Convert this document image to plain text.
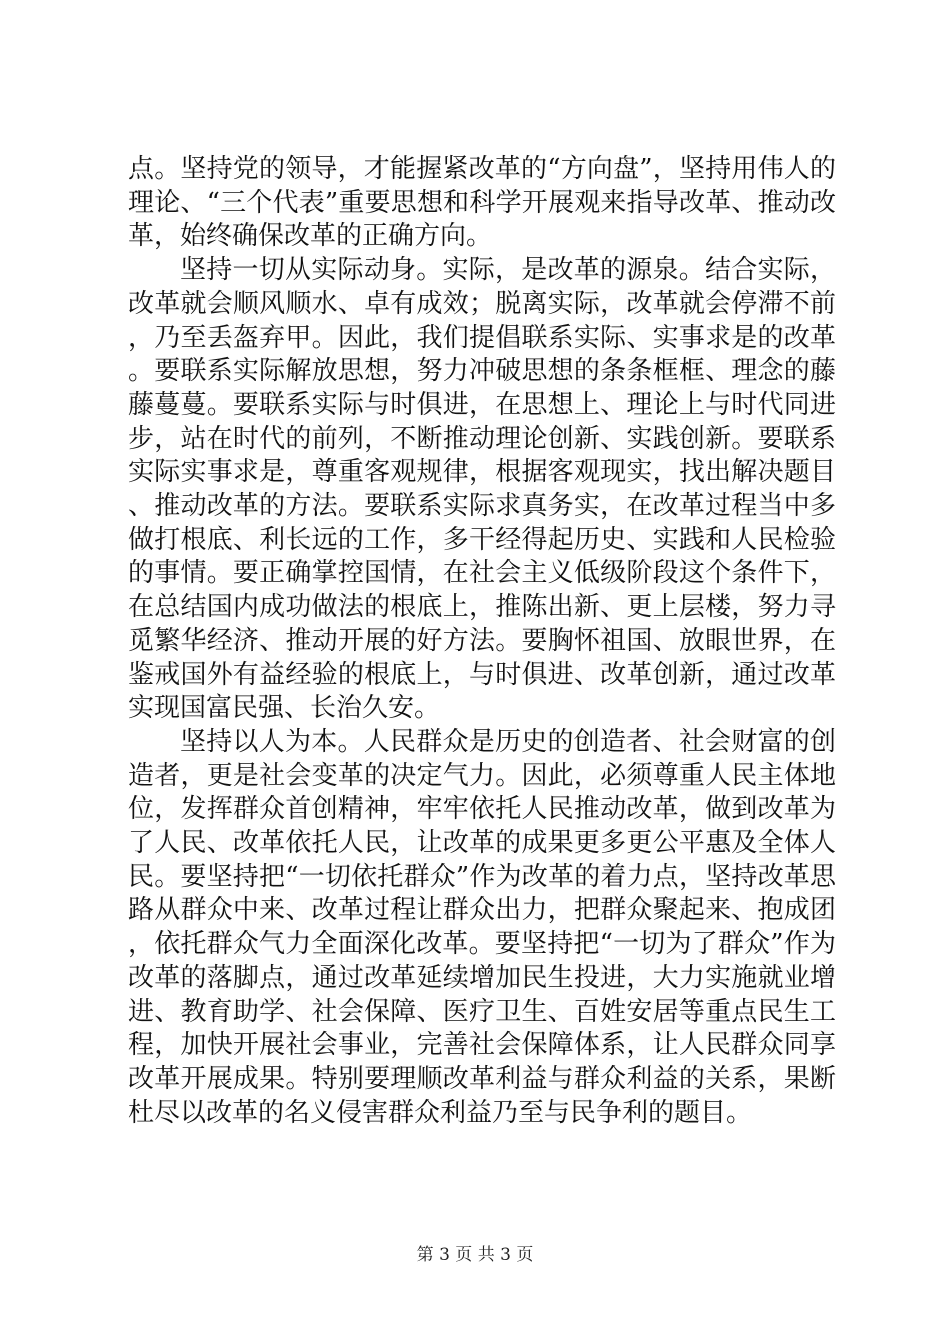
点。坚持党的领导，才能握紧改革的“方向盘”，坚持用伟人的理论、“三个代表”重要思想和科学开展观来指导改革、推动改革，始终确保改革的正确方向。

坚持一切从实际动身。实际，是改革的源泉。结合实际，改革就会顺风顺水、卓有成效；脱离实际，改革就会停滞不前，乃至丢盔弃甲。因此，我们提倡联系实际、实事求是的改革。要联系实际解放思想，努力冲破思想的条条框框、理念的藤藤蔓蔓。要联系实际与时俱进，在思想上、理论上与时代同进步，站在时代的前列，不断推动理论创新、实践创新。要联系实际实事求是，尊重客观规律，根据客观现实，找出解决题目、推动改革的方法。要联系实际求真务实，在改革过程当中多做打根底、利长远的工作，多干经得起历史、实践和人民检验的事情。要正确掌控国情，在社会主义低级阶段这个条件下，在总结国内成功做法的根底上，推陈出新、更上层楼，努力寻觅繁华经济、推动开展的好方法。要胸怀祖国、放眼世界，在鉴戒国外有益经验的根底上，与时俱进、改革创新，通过改革实现国富民强、长治久安。

坚持以人为本。人民群众是历史的创造者、社会财富的创造者，更是社会变革的决定气力。因此，必须尊重人民主体地位，发挥群众首创精神，牢牢依托人民推动改革，做到改革为了人民、改革依托人民，让改革的成果更多更公平惠及全体人民。要坚持把“一切依托群众”作为改革的着力点，坚持改革思路从群众中来、改革过程让群众出力，把群众聚起来、抱成团，依托群众气力全面深化改革。要坚持把“一切为了群众”作为改革的落脚点，通过改革延续增加民生投进，大力实施就业增进、教育助学、社会保障、医疗卫生、百姓安居等重点民生工程，加快开展社会事业，完善社会保障体系，让人民群众同享改革开展成果。特别要理顺改革利益与群众利益的关系，果断杜尽以改革的名义侵害群众利益乃至与民争利的题目。

第 3 页 共 3 页
